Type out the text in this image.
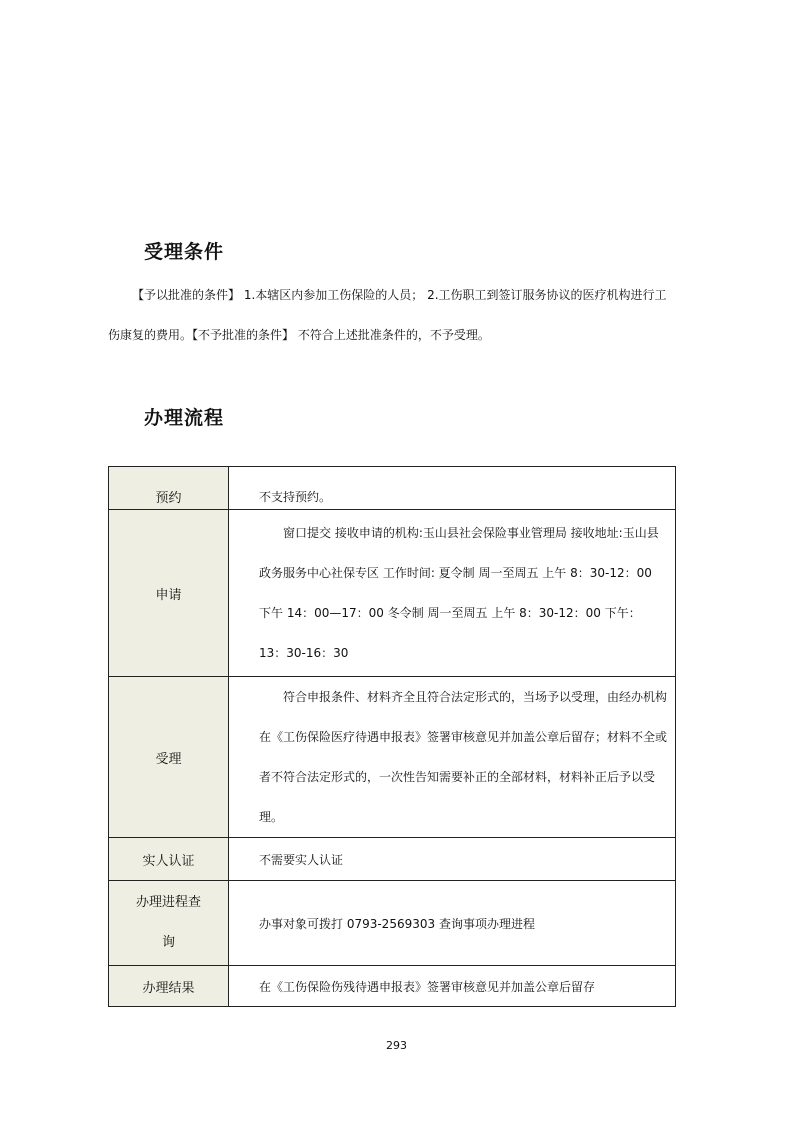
受理条件

【予以批准的条件】 1.本辖区内参加工伤保险的人员； 2.工伤职工到签订服务协议的医疗机构进行工伤康复的费用。【不予批准的条件】 不符合上述批准条件的，不予受理。

办理流程
预约	不支持预约。
申请	窗口提交 接收申请的机构:玉山县社会保险事业管理局 接收地址:玉山县政务服务中心社保专区 工作时间: 夏令制 周一至周五 上午 8：30-12：00 下午 14：00—17：00 冬令制 周一至周五 上午 8：30-12：00 下午：13：30-16：30

受理	符合申报条件、材料齐全且符合法定形式的，当场予以受理，由经办机构在《工伤保险医疗待遇申报表》签署审核意见并加盖公章后留存；材料不全或者不符合法定形式的，一次性告知需要补正的全部材料，材料补正后予以受理。

实人认证	不需要实人认证

办理进程查
询	办事对象可拨打 0793-2569303 查询事项办理进程
办理结果	在《工伤保险伤残待遇申报表》签署审核意见并加盖公章后留存
293
